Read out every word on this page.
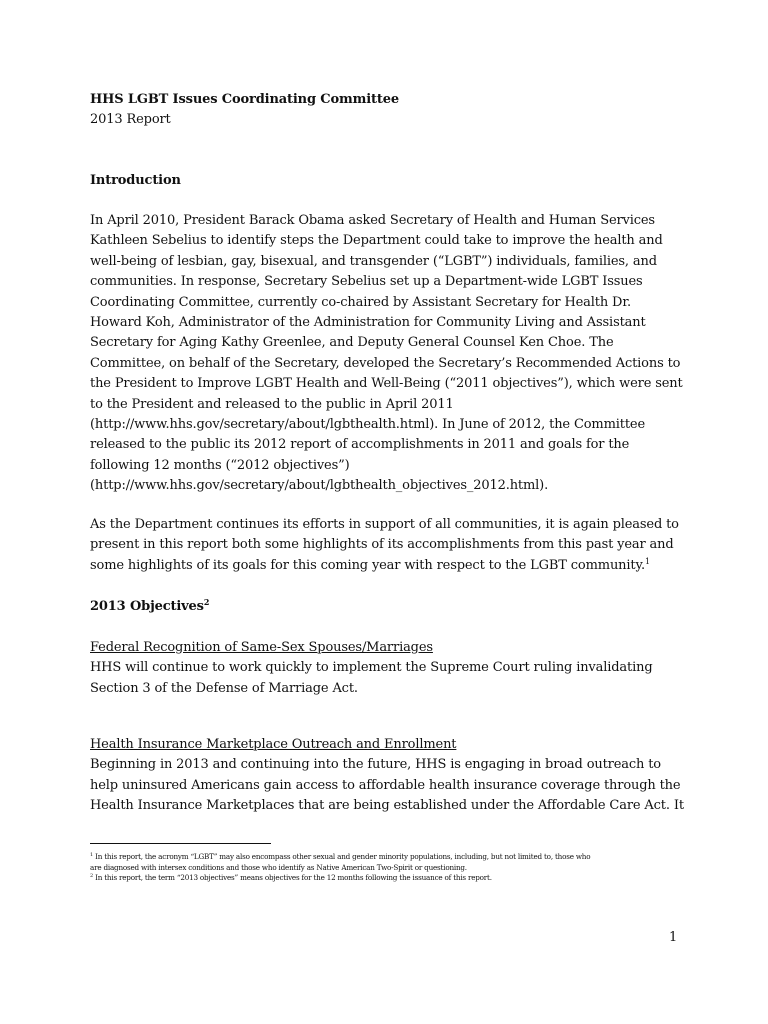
HHS LGBT Issues Coordinating Committee
2013 Report
Introduction
In April 2010, President Barack Obama asked Secretary of Health and Human Services
Kathleen Sebelius to identify steps the Department could take to improve the health and
well-being of lesbian, gay, bisexual, and transgender (“LGBT”) individuals, families, and
communities. In response, Secretary Sebelius set up a Department-wide LGBT Issues
Coordinating Committee, currently co-chaired by Assistant Secretary for Health Dr.
Howard Koh, Administrator of the Administration for Community Living and Assistant
Secretary for Aging Kathy Greenlee, and Deputy General Counsel Ken Choe. The
Committee, on behalf of the Secretary, developed the Secretary’s Recommended Actions to
the President to Improve LGBT Health and Well-Being (“2011 objectives”), which were sent
to the President and released to the public in April 2011
(http://www.hhs.gov/secretary/about/lgbthealth.html). In June of 2012, the Committee
released to the public its 2012 report of accomplishments in 2011 and goals for the
following 12 months (“2012 objectives”)
(http://www.hhs.gov/secretary/about/lgbthealth_objectives_2012.html).
As the Department continues its efforts in support of all communities, it is again pleased to
present in this report both some highlights of its accomplishments from this past year and
some highlights of its goals for this coming year with respect to the LGBT community.$^1$
2013 Objectives$^2$
Federal Recognition of Same-Sex Spouses/Marriages
HHS will continue to work quickly to implement the Supreme Court ruling invalidating
Section 3 of the Defense of Marriage Act.
Health Insurance Marketplace Outreach and Enrollment
Beginning in 2013 and continuing into the future, HHS is engaging in broad outreach to
help uninsured Americans gain access to affordable health insurance coverage through the
Health Insurance Marketplaces that are being established under the Affordable Care Act. It
$^1$ In this report, the acronym “LGBT” may also encompass other sexual and gender minority populations, including, but not limited to, those who
are diagnosed with intersex conditions and those who identify as Native American Two-Spirit or questioning.
$^2$ In this report, the term “2013 objectives” means objectives for the 12 months following the issuance of this report.
1
